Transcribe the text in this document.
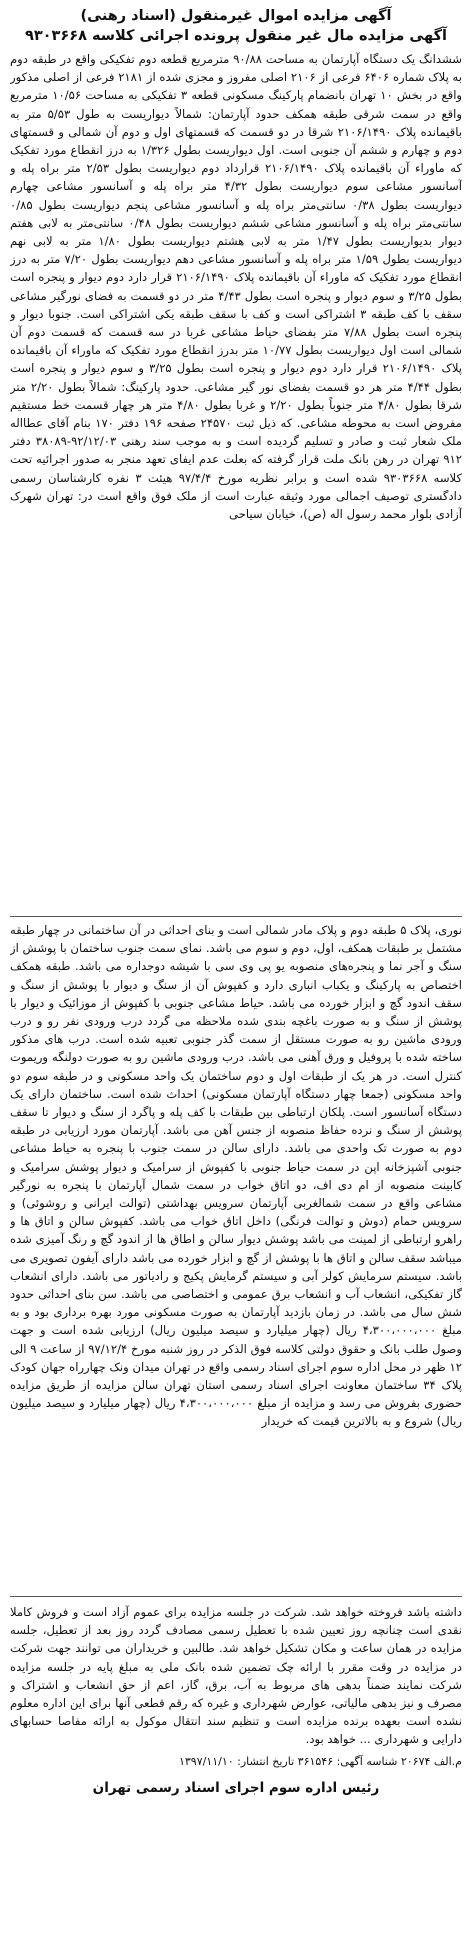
آگهی مزایده اموال غیرمنقول (اسناد رهنی)

آگهی مزایده مال غیر منقول پرونده اجرائی کلاسه ۹۳۰۳۶۶۸

ششدانگ یک دستگاه آپارتمان به مساحت ۹۰/۸۸ مترمربع قطعه دوم تفکیکی واقع در طبقه دوم به پلاک شماره ۶۴۰۶ فرعی از ۲۱۰۶ اصلی مفروز و مجزی شده از ۲۱۸۱ فرعی از اصلی مذکور واقع در بخش ۱۰ تهران بانضمام پارکینگ مسکونی قطعه ۳ تفکیکی به مساحت ۱۰/۵۶ مترمربع واقع در سمت شرقی طبقه همکف حدود آپارتمان: شمالاً دیواریست به طول ۵/۵۳ متر به باقیمانده پلاک ۲۱۰۶/۱۴۹۰ شرقا در دو قسمت که قسمتهای اول و دوم آن شمالی و قسمتهای دوم و چهارم و ششم آن جنوبی است. اول دیواریست بطول ۱/۳۲۶ به درز انقطاع مورد تفکیک که ماوراء آن باقیمانده پلاک ۲۱۰۶/۱۴۹۰ قرارداد دوم دیواریست بطول ۲/۵۳ متر براه پله و آسانسور مشاعی سوم دیواریست بطول ۴/۳۲ متر براه پله و آسانسور مشاعی چهارم دیواریست بطول ۰/۳۸ سانتی‌متر براه پله و آسانسور مشاعی پنجم دیواریست بطول ۰/۸۵ سانتی‌متر براه پله و آسانسور مشاعی ششم دیواریست بطول ۰/۴۸ سانتی‌متر به لابی هفتم دیوار بدیواریست بطول ۱/۴۷ متر به لابی هشتم دیواریست بطول ۱/۸۰ متر به لابی نهم دیواریست بطول ۱/۵۹ متر براه پله و آسانسور مشاعی دهم دیواریست بطول ۷/۲۰ متر به درز انقطاع مورد تفکیک که ماوراء آن باقیمانده پلاک ۲۱۰۶/۱۴۹۰ قرار دارد دوم دیوار و پنجره است بطول ۳/۲۵ و سوم دیوار و پنجره است بطول ۴/۴۳ متر در دو قسمت به فضای نورگیر مشاعی سقف با کف طبقه ۳ اشتراکی است و کف با سقف طبقه یکی اشتراکی است. جنوبا دیوار و پنجره است بطول ۷/۸۸ متر بفضای حیاط مشاعی غربا در سه قسمت که قسمت دوم آن شمالی است اول دیواریست بطول ۱۰/۷۷ متر بدرز انقطاع مورد تفکیک که ماوراء آن باقیمانده پلاک ۲۱۰۶/۱۴۹۰ قرار دارد دوم دیوار و پنجره است بطول ۳/۲۵ و سوم دیوار و پنجره است بطول ۴/۴۴ متر هر دو قسمت بفضای نور گیر مشاعی. حدود پارکینگ: شمالاً بطول ۲/۲۰ متر شرقا بطول ۴/۸۰ متر جنوباً بطول ۲/۲۰ و غربا بطول ۴/۸۰ متر هر چهار قسمت خط مستقیم مفروض است به محوطه مشاعی. که ذیل ثبت ۲۴۵۷۰ صفحه ۱۹۶ دفتر ۱۷۰ بنام آقای عطااله ملک شعار ثبت و صادر و تسلیم گردیده است و به موجب سند رهنی ۹۲/۱۲/۰۳-۳۸۰۸۹ دفتر ۹۱۲ تهران در رهن بانک ملت قرار گرفته که بعلت عدم ایفای تعهد منجر به صدور اجرائیه تحت کلاسه ۹۳۰۳۶۶۸ شده است و برابر نظریه مورخ ۹۷/۴/۴ هیئت ۳ نفره کارشناسان رسمی دادگستری توصیف اجمالی مورد وثیقه عبارت است از ملک فوق واقع است در: تهران شهرک آزادی بلوار محمد رسول اله (ص)، خیابان سیاحی

نوری، پلاک ۵ طبقه دوم و پلاک مادر شمالی است و بنای احداثی در آن ساختمانی در چهار طبقه مشتمل بر طبقات همکف، اول، دوم و سوم می باشد. نمای سمت جنوب ساختمان با پوشش از سنگ و آجر نما و پنجره‌های منصوبه یو پی وی سی با شیشه دوجداره می باشد. طبقه همکف اختصاص به پارکینگ و یکباب انباری دارد و کفپوش آن از سنگ و دیوار با پوشش از سنگ و سقف اندود گچ و ابزار خورده می باشد. حیاط مشاعی جنوبی با کفپوش از موزائیک و دیوار با پوشش از سنگ و به صورت باغچه بندی شده ملاحظه می گردد درب ورودی نفر رو و درب ورودی ماشین رو به صورت مستقل از سمت گذر جنوبی تعبیه شده است. درب های مذکور ساخته شده با پروفیل و ورق آهنی می باشد. درب ورودی ماشین رو به صورت دولنگه وریموت کنترل است. در هر یک از طبقات اول و دوم ساختمان یک واحد مسکونی و در طبقه سوم دو واحد مسکونی (جمعا چهار دستگاه آپارتمان مسکونی) احداث شده است. ساختمان دارای یک دستگاه آسانسور است. پلکان ارتباطی بین طبقات با کف پله و پاگرد از سنگ و دیوار تا سقف پوشش از سنگ و نرده حفاظ منصوبه از جنس آهن می باشد. آپارتمان مورد ارزیابی در طبقه دوم به صورت تک واحدی می باشد. دارای سالن در سمت جنوب با پنجره به حیاط مشاعی جنوبی آشپزخانه اپن در سمت حیاط جنوبی با کفپوش از سرامیک و دیوار پوشش سرامیک و کابینت منصوبه از ام دی اف، دو اتاق خواب در سمت شمال آپارتمان با پنجره به نورگیر مشاعی واقع در سمت شمالغربی آپارتمان سرویس بهداشتی (توالت ایرانی و روشوئی) و سرویس حمام (دوش و توالت فرنگی) داخل اتاق خواب می باشد. کفپوش سالن و اتاق ها و راهرو ارتباطی از لمینت می باشد پوشش دیوار سالن و اطاق ها از اندود گچ و رنگ آمیزی شده میباشد سقف سالن و اتاق ها با پوشش از گچ و ابزار خورده می باشد دارای آیفون تصویری می باشد. سیستم سرمایش کولر آبی و سیستم گرمایش پکیج و رادیاتور می باشد. دارای انشعاب گاز تفکیکی، انشعاب آب و انشعاب برق عمومی و اختصاصی می باشد. سن بنای احداثی حدود شش سال می باشد. در زمان بازدید آپارتمان به صورت مسکونی مورد بهره برداری بود و به مبلغ ۴،۳۰۰،۰۰۰،۰۰۰ ریال (چهار میلیارد و سیصد میلیون ریال) ارزیابی شده است و جهت وصول طلب بانک و حقوق دولتی کلاسه فوق الذکر در روز شنبه مورخ ۹۷/۱۲/۴ از ساعت ۹ الی ۱۲ ظهر در محل اداره سوم اجرای اسناد رسمی واقع در تهران میدان ونک چهارراه جهان کودک پلاک ۳۴ ساختمان معاونت اجرای اسناد رسمی استان تهران سالن مزایده از طریق مزایده حضوری بفروش می رسد و مزایده از مبلغ ۴،۳۰۰،۰۰۰،۰۰۰ ریال (چهار میلیارد و سیصد میلیون ریال) شروع و به بالاترین قیمت که خریدار

داشته باشد فروخته خواهد شد. شرکت در جلسه مزایده برای عموم آزاد است و فروش کاملا نقدی است چنانچه روز تعیین شده با تعطیل رسمی مصادف گردد روز بعد از تعطیل، جلسه مزایده در همان ساعت و مکان تشکیل خواهد شد. طالبین و خریداران می توانند جهت شرکت در مزایده در وقت مقرر با ارائه چک تضمین شده بانک ملی به مبلغ پایه در جلسه مزایده شرکت نمایند ضمناً بدهی های مربوط به آب، برق، گاز، اعم از حق انشعاب و اشتراک و مصرف و نیز بدهی مالیاتی، عوارض شهرداری و غیره که رقم قطعی آنها برای این اداره معلوم نشده است بعهده برنده مزایده است و تنظیم سند انتقال موکول به ارائه مفاصا حسابهای دارایی و شهرداری ... خواهد بود.

م.الف ۲۰۶۷۴ شناسه آگهی: ۳۶۱۵۴۶ تاریخ انتشار: ۱۳۹۷/۱۱/۱۰

رئیس اداره سوم اجرای اسناد رسمی تهران
